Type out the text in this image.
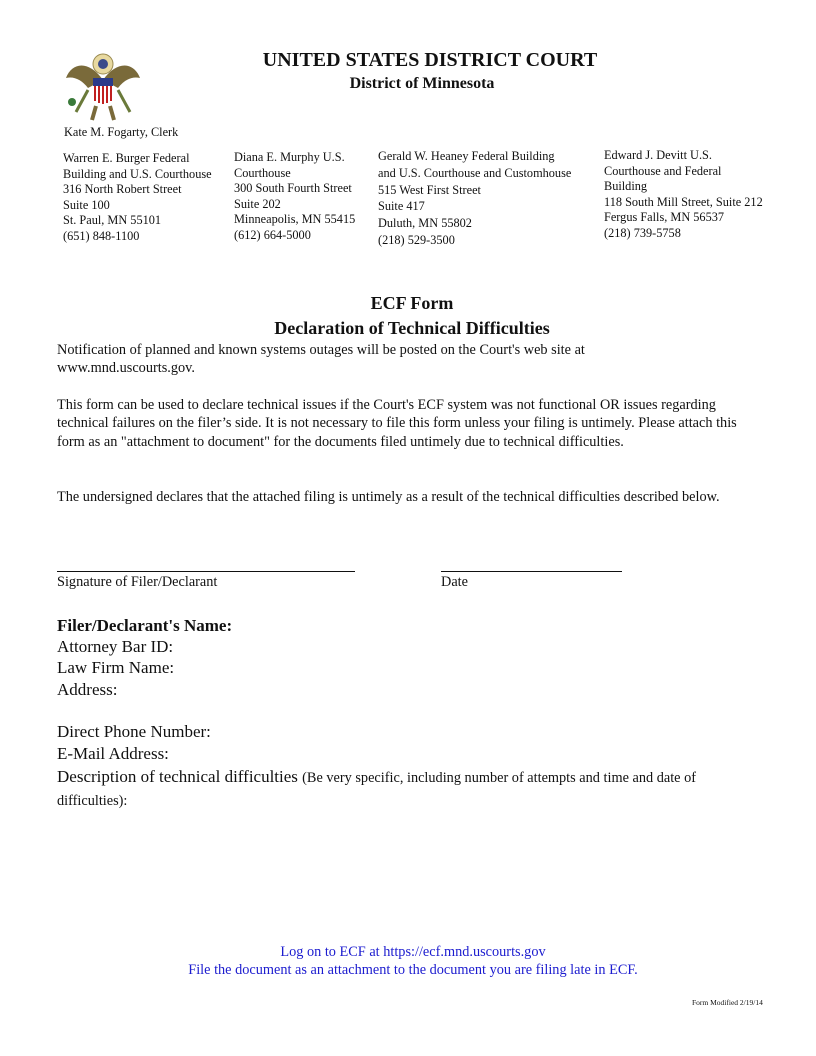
UNITED STATES DISTRICT COURT
District of Minnesota
Kate M. Fogarty, Clerk
Warren E. Burger Federal
Building and U.S. Courthouse
316 North Robert Street
Suite 100
St. Paul, MN 55101
(651) 848-1100
Diana E. Murphy U.S.
Courthouse
300 South Fourth Street
Suite 202
Minneapolis, MN 55415
(612) 664-5000
Gerald W. Heaney Federal Building
and U.S. Courthouse and Customhouse
515 West First Street
Suite 417
Duluth, MN 55802
(218) 529-3500
Edward J. Devitt U.S.
Courthouse and Federal
Building
118 South Mill Street, Suite 212
Fergus Falls, MN 56537
(218) 739-5758
ECF Form
Declaration of Technical Difficulties
Notification of planned and known systems outages will be posted on the Court's web site at www.mnd.uscourts.gov.
This form can be used to declare technical issues if the Court's ECF system was not functional OR issues regarding technical failures on the filer’s side. It is not necessary to file this form unless your filing is untimely. Please attach this form as an "attachment to document" for the documents filed untimely due to technical difficulties.
The undersigned declares that the attached filing is untimely as a result of the technical difficulties described below.
Signature of Filer/Declarant	Date
Filer/Declarant's Name:
Attorney Bar ID:
Law Firm Name:
Address:
Direct Phone Number:
E-Mail Address:
Description of technical difficulties (Be very specific, including number of attempts and time and date of difficulties):
Log on to ECF at https://ecf.mnd.uscourts.gov
File the document as an attachment to the document you are filing late in ECF.
Form Modified 2/19/14
